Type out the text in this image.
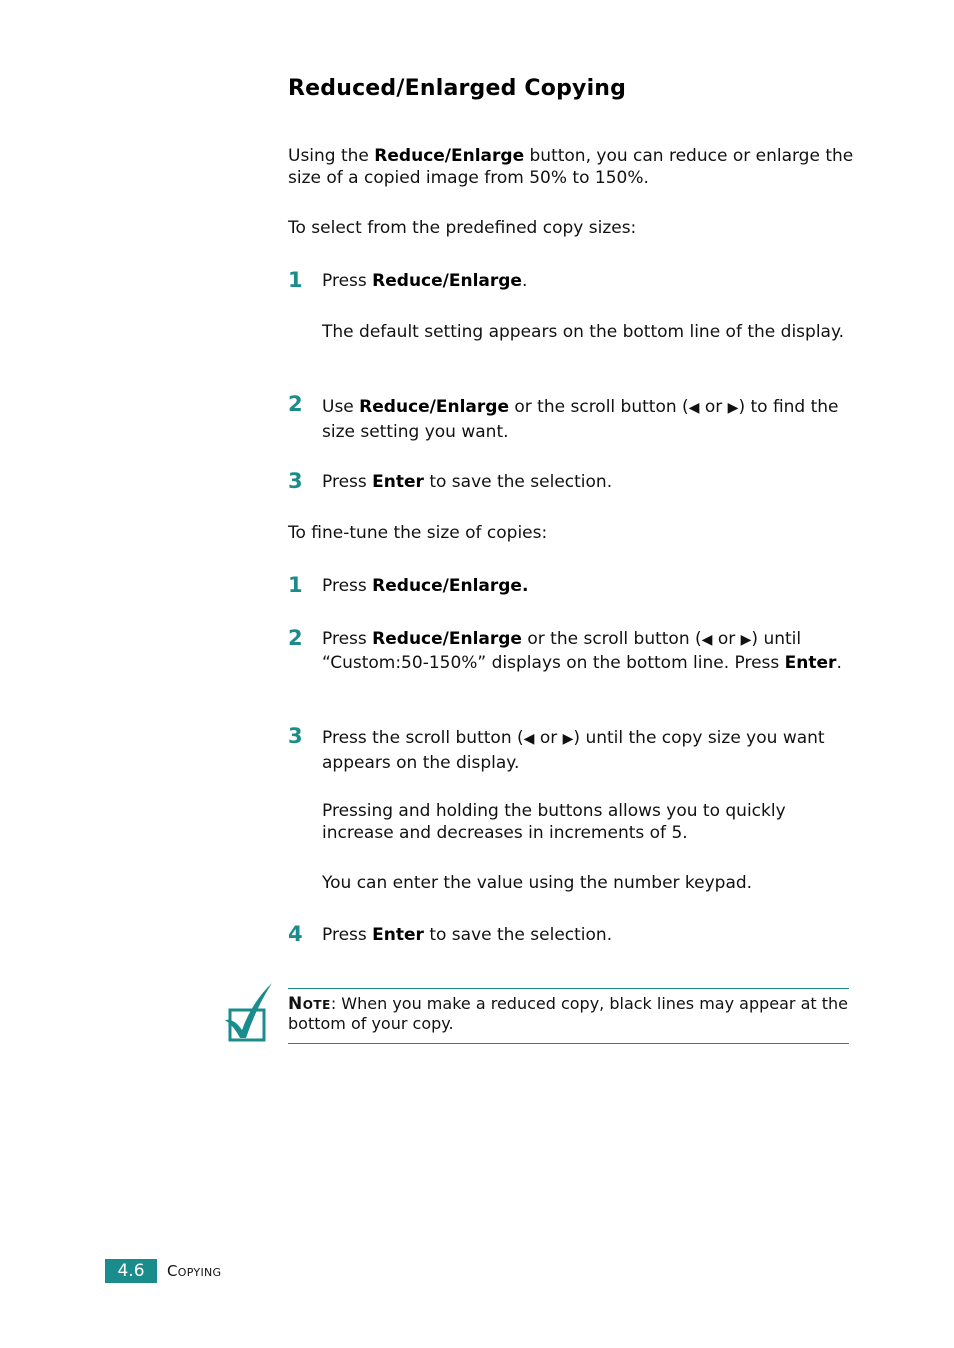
Reduced/Enlarged Copying

Using the Reduce/Enlarge button, you can reduce or enlarge the size of a copied image from 50% to 150%.

To select from the predefined copy sizes:

1 Press Reduce/Enlarge.

The default setting appears on the bottom line of the display.

2 Use Reduce/Enlarge or the scroll button (◀ or ▶) to find the size setting you want.

3 Press Enter to save the selection.

To fine-tune the size of copies:

1 Press Reduce/Enlarge.

2 Press Reduce/Enlarge or the scroll button (◀ or ▶) until “Custom:50-150%” displays on the bottom line. Press Enter.

3 Press the scroll button (◀ or ▶) until the copy size you want appears on the display.

Pressing and holding the buttons allows you to quickly increase and decreases in increments of 5.

You can enter the value using the number keypad.

4 Press Enter to save the selection.

Note: When you make a reduced copy, black lines may appear at the bottom of your copy.

4.6	Copying
